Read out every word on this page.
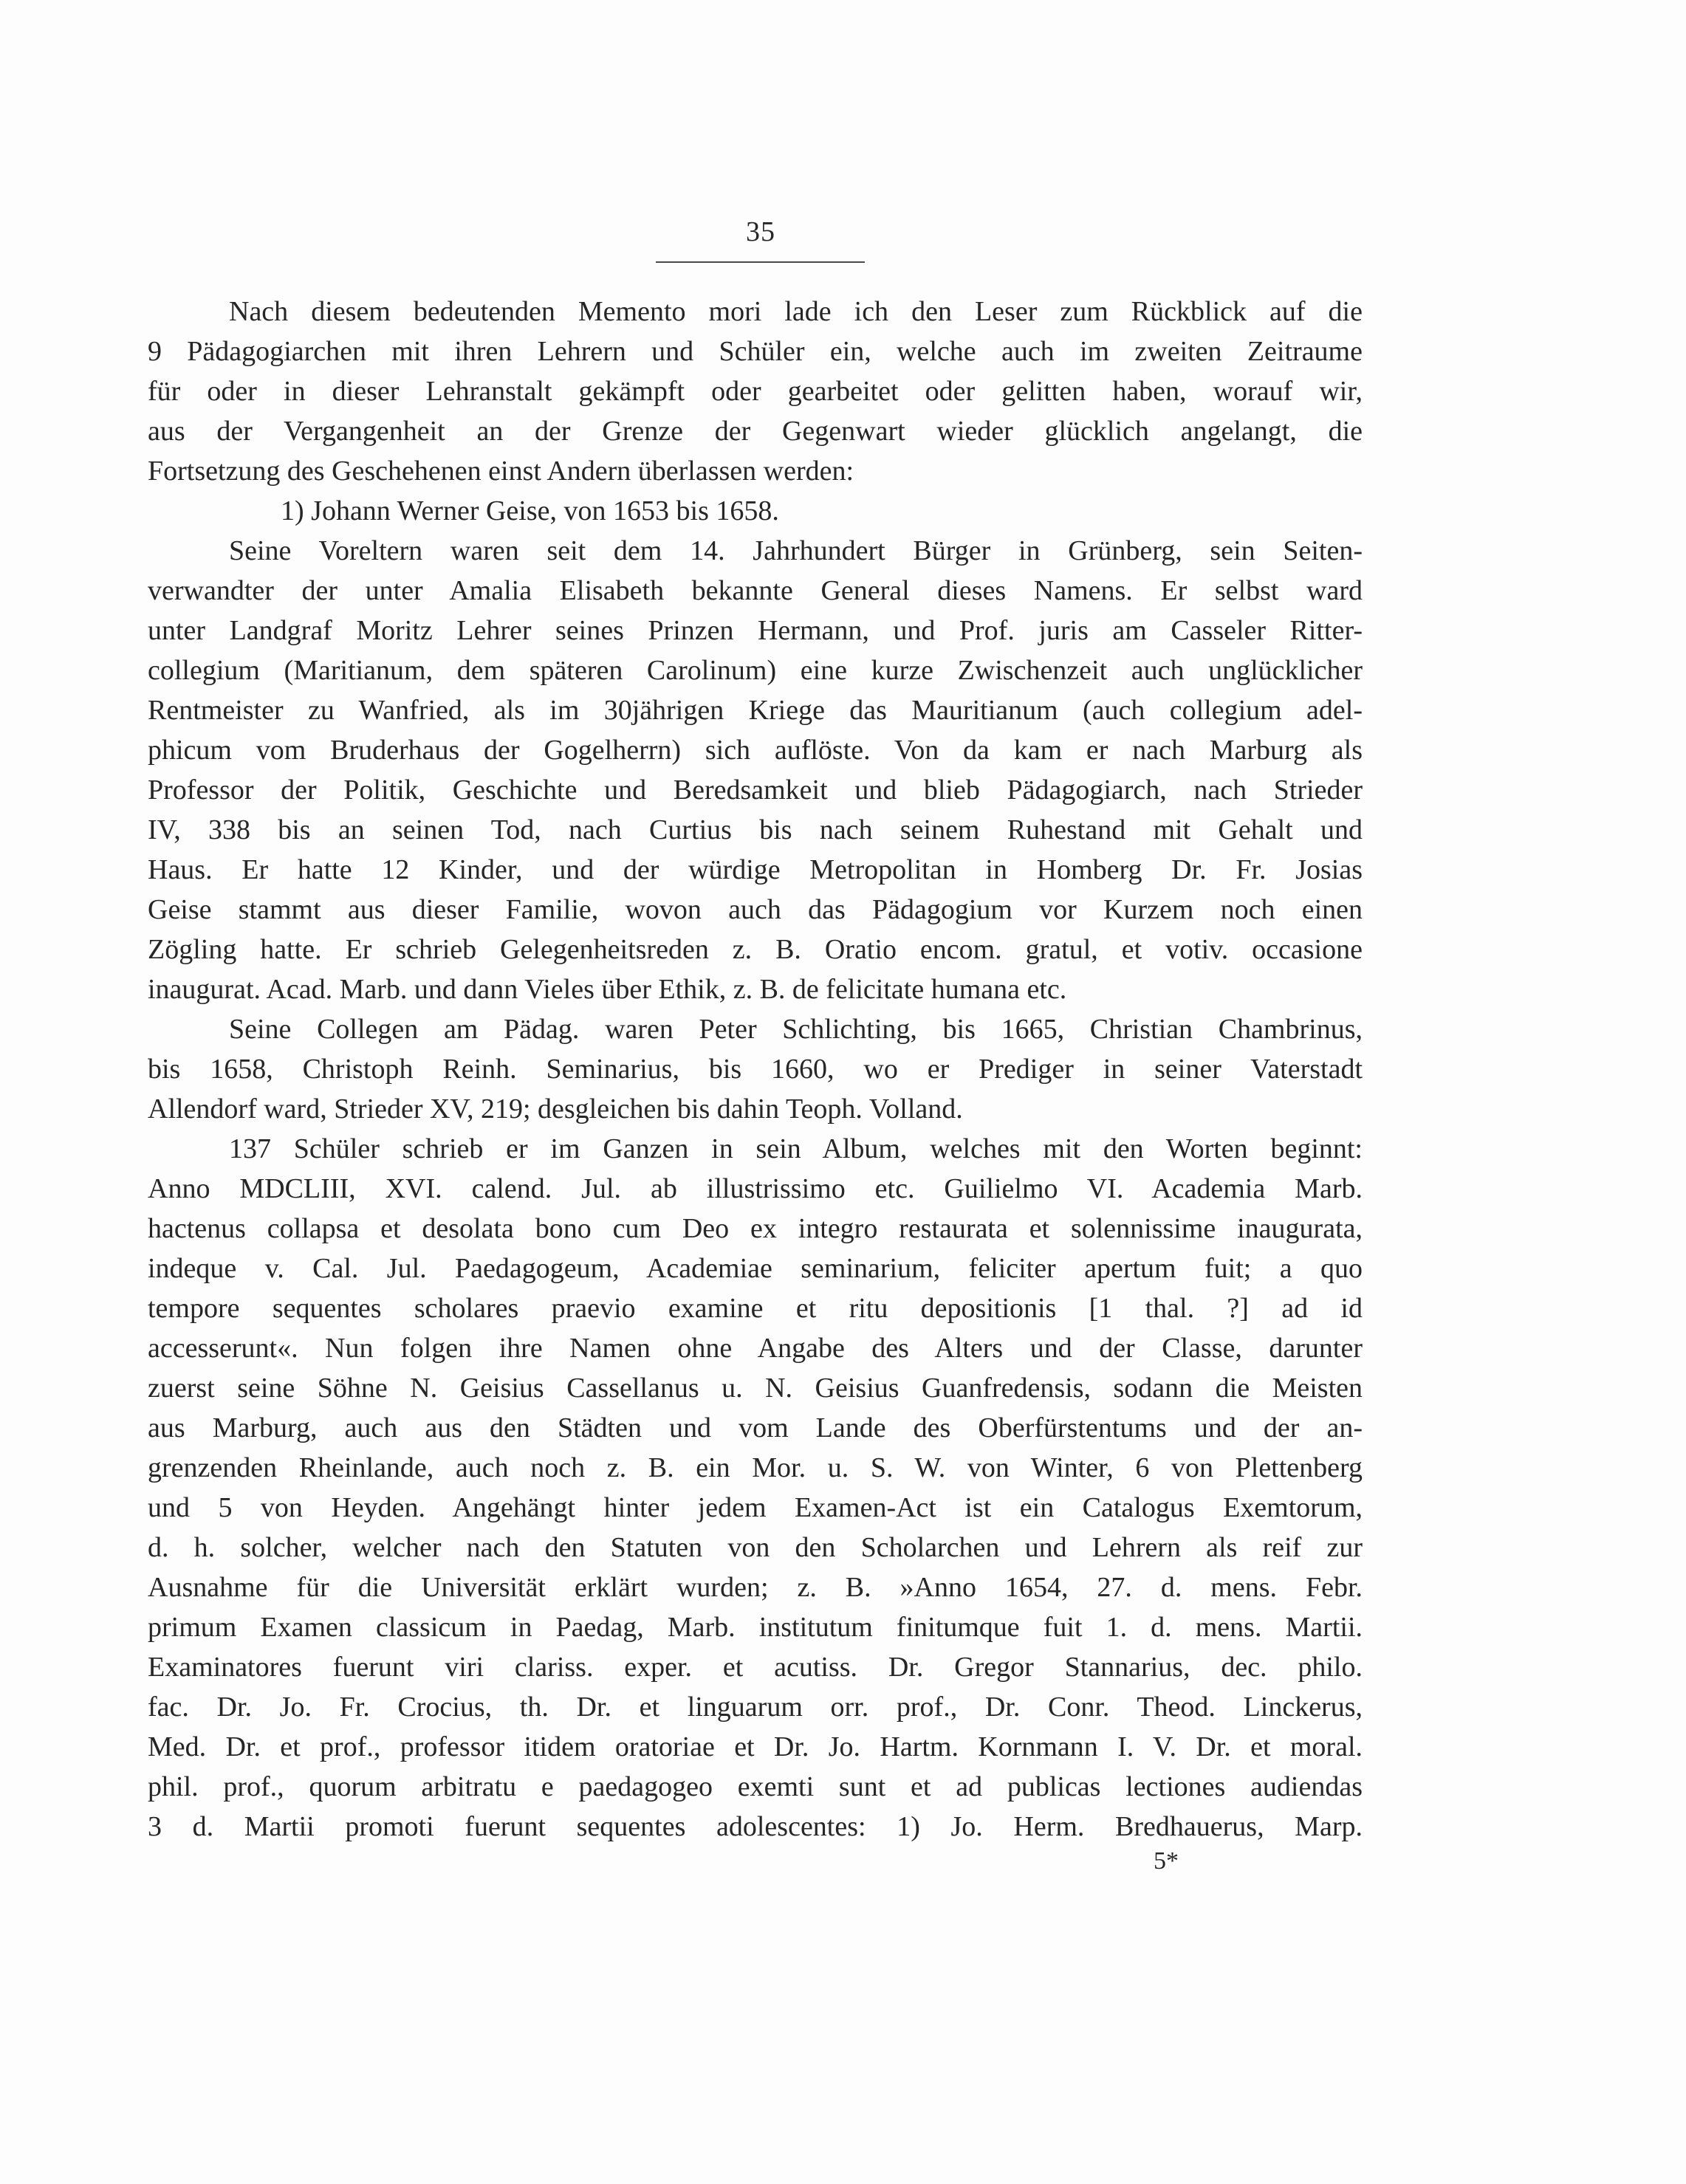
35
Nach diesem bedeutenden Memento mori lade ich den Leser zum Rückblick auf die
9 Pädagogiarchen mit ihren Lehrern und Schüler ein, welche auch im zweiten Zeitraume
für oder in dieser Lehranstalt gekämpft oder gearbeitet oder gelitten haben, worauf wir,
aus der Vergangenheit an der Grenze der Gegenwart wieder glücklich angelangt, die
Fortsetzung des Geschehenen einst Andern überlassen werden:
1) Johann Werner Geise, von 1653 bis 1658.
Seine Voreltern waren seit dem 14. Jahrhundert Bürger in Grünberg, sein Seiten-
verwandter der unter Amalia Elisabeth bekannte General dieses Namens. Er selbst ward
unter Landgraf Moritz Lehrer seines Prinzen Hermann, und Prof. juris am Casseler Ritter-
collegium (Maritianum, dem späteren Carolinum) eine kurze Zwischenzeit auch unglücklicher
Rentmeister zu Wanfried, als im 30jährigen Kriege das Mauritianum (auch collegium adel-
phicum vom Bruderhaus der Gogelherrn) sich auflöste. Von da kam er nach Marburg als
Professor der Politik, Geschichte und Beredsamkeit und blieb Pädagogiarch, nach Strieder
IV, 338 bis an seinen Tod, nach Curtius bis nach seinem Ruhestand mit Gehalt und
Haus. Er hatte 12 Kinder, und der würdige Metropolitan in Homberg Dr. Fr. Josias
Geise stammt aus dieser Familie, wovon auch das Pädagogium vor Kurzem noch einen
Zögling hatte. Er schrieb Gelegenheitsreden z. B. Oratio encom. gratul, et votiv. occasione
inaugurat. Acad. Marb. und dann Vieles über Ethik, z. B. de felicitate humana etc.
Seine Collegen am Pädag. waren Peter Schlichting, bis 1665, Christian Chambrinus,
bis 1658, Christoph Reinh. Seminarius, bis 1660, wo er Prediger in seiner Vaterstadt
Allendorf ward, Strieder XV, 219; desgleichen bis dahin Teoph. Volland.
137 Schüler schrieb er im Ganzen in sein Album, welches mit den Worten beginnt:
Anno MDCLIII, XVI. calend. Jul. ab illustrissimo etc. Guilielmo VI. Academia Marb.
hactenus collapsa et desolata bono cum Deo ex integro restaurata et solennissime inaugurata,
indeque v. Cal. Jul. Paedagogeum, Academiae seminarium, feliciter apertum fuit; a quo
tempore sequentes scholares praevio examine et ritu depositionis [1 thal. ?] ad id
accesserunt«. Nun folgen ihre Namen ohne Angabe des Alters und der Classe, darunter
zuerst seine Söhne N. Geisius Cassellanus u. N. Geisius Guanfredensis, sodann die Meisten
aus Marburg, auch aus den Städten und vom Lande des Oberfürstentums und der an-
grenzenden Rheinlande, auch noch z. B. ein Mor. u. S. W. von Winter, 6 von Plettenberg
und 5 von Heyden. Angehängt hinter jedem Examen-Act ist ein Catalogus Exemtorum,
d. h. solcher, welcher nach den Statuten von den Scholarchen und Lehrern als reif zur
Ausnahme für die Universität erklärt wurden; z. B. »Anno 1654, 27. d. mens. Febr.
primum Examen classicum in Paedag, Marb. institutum finitumque fuit 1. d. mens. Martii.
Examinatores fuerunt viri clariss. exper. et acutiss. Dr. Gregor Stannarius, dec. philo.
fac. Dr. Jo. Fr. Crocius, th. Dr. et linguarum orr. prof., Dr. Conr. Theod. Linckerus,
Med. Dr. et prof., professor itidem oratoriae et Dr. Jo. Hartm. Kornmann I. V. Dr. et moral.
phil. prof., quorum arbitratu e paedagogeo exemti sunt et ad publicas lectiones audiendas
3 d. Martii promoti fuerunt sequentes adolescentes: 1) Jo. Herm. Bredhauerus, Marp.
5*
